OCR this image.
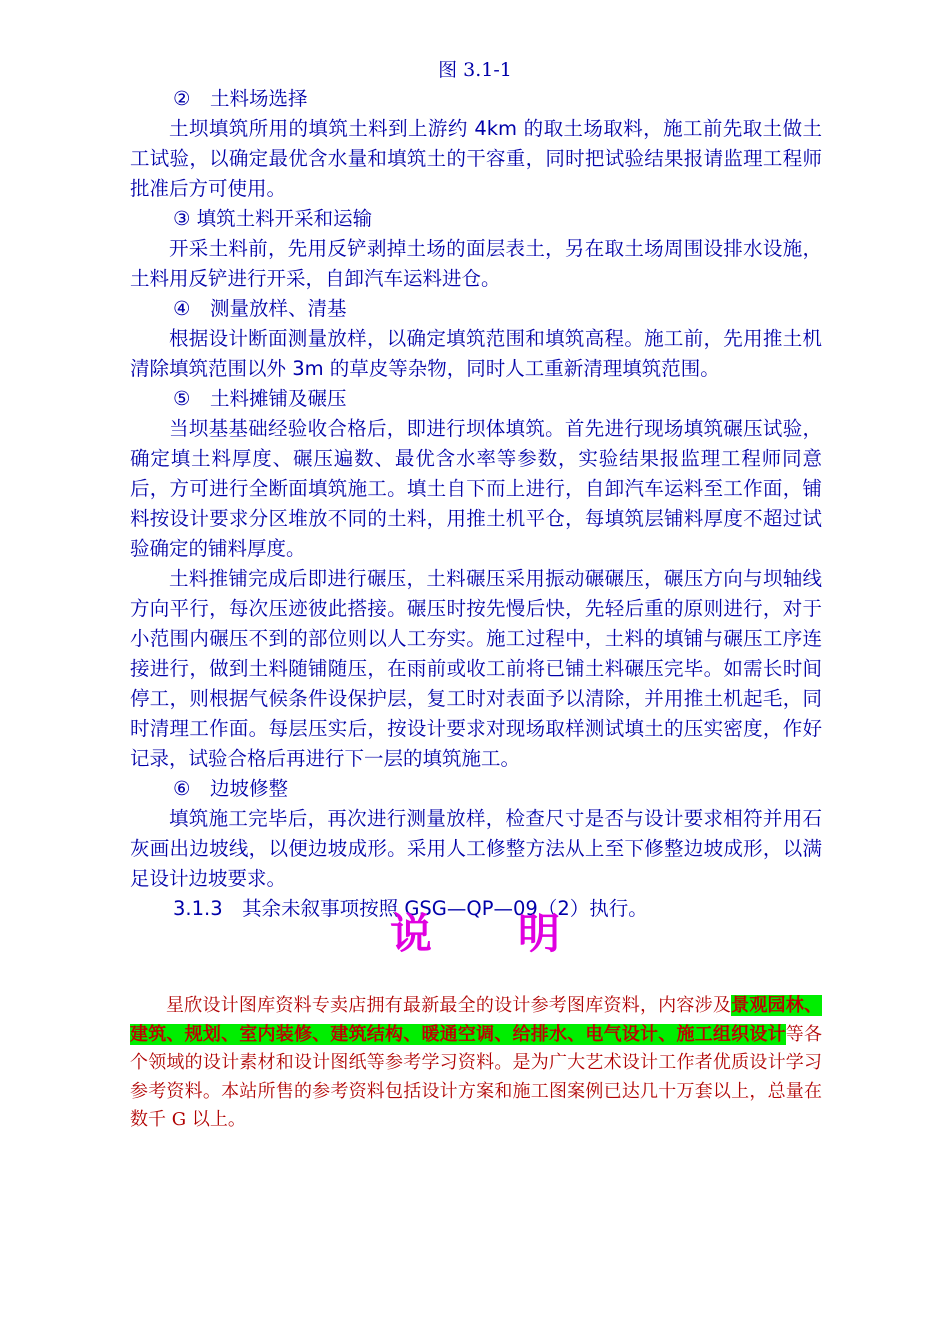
图 3.1-1

②　土料场选择

土坝填筑所用的填筑土料到上游约 4km 的取土场取料，施工前先取土做土工试验，以确定最优含水量和填筑土的干容重，同时把试验结果报请监理工程师批准后方可使用。

③ 填筑土料开采和运输

开采土料前，先用反铲剥掉土场的面层表土，另在取土场周围设排水设施，土料用反铲进行开采，自卸汽车运料进仓。

④　测量放样、清基

根据设计断面测量放样，以确定填筑范围和填筑高程。施工前，先用推土机清除填筑范围以外 3m 的草皮等杂物，同时人工重新清理填筑范围。

⑤　土料摊铺及碾压

当坝基基础经验收合格后，即进行坝体填筑。首先进行现场填筑碾压试验，确定填土料厚度、碾压遍数、最优含水率等参数，实验结果报监理工程师同意后，方可进行全断面填筑施工。填土自下而上进行，自卸汽车运料至工作面，铺料按设计要求分区堆放不同的土料，用推土机平仓，每填筑层铺料厚度不超过试验确定的铺料厚度。

土料推铺完成后即进行碾压，土料碾压采用振动碾碾压，碾压方向与坝轴线方向平行，每次压迹彼此搭接。碾压时按先慢后快，先轻后重的原则进行，对于小范围内碾压不到的部位则以人工夯实。施工过程中，土料的填铺与碾压工序连接进行，做到土料随铺随压，在雨前或收工前将已铺土料碾压完毕。如需长时间停工，则根据气候条件设保护层，复工时对表面予以清除，并用推土机起毛，同时清理工作面。每层压实后，按设计要求对现场取样测试填土的压实密度，作好记录，试验合格后再进行下一层的填筑施工。

⑥　边坡修整

填筑施工完毕后，再次进行测量放样，检查尺寸是否与设计要求相符并用石灰画出边坡线，以便边坡成形。采用人工修整方法从上至下修整边坡成形，以满足设计边坡要求。

3.1.3　其余未叙事项按照 GSG—QP—09（2）执行。

说明

星欣设计图库资料专卖店拥有最新最全的设计参考图库资料，内容涉及景观园林、建筑、规划、室内装修、建筑结构、暖通空调、给排水、电气设计、施工组织设计等各个领域的设计素材和设计图纸等参考学习资料。是为广大艺术设计工作者优质设计学习参考资料。本站所售的参考资料包括设计方案和施工图案例已达几十万套以上，总量在数千 G 以上。
